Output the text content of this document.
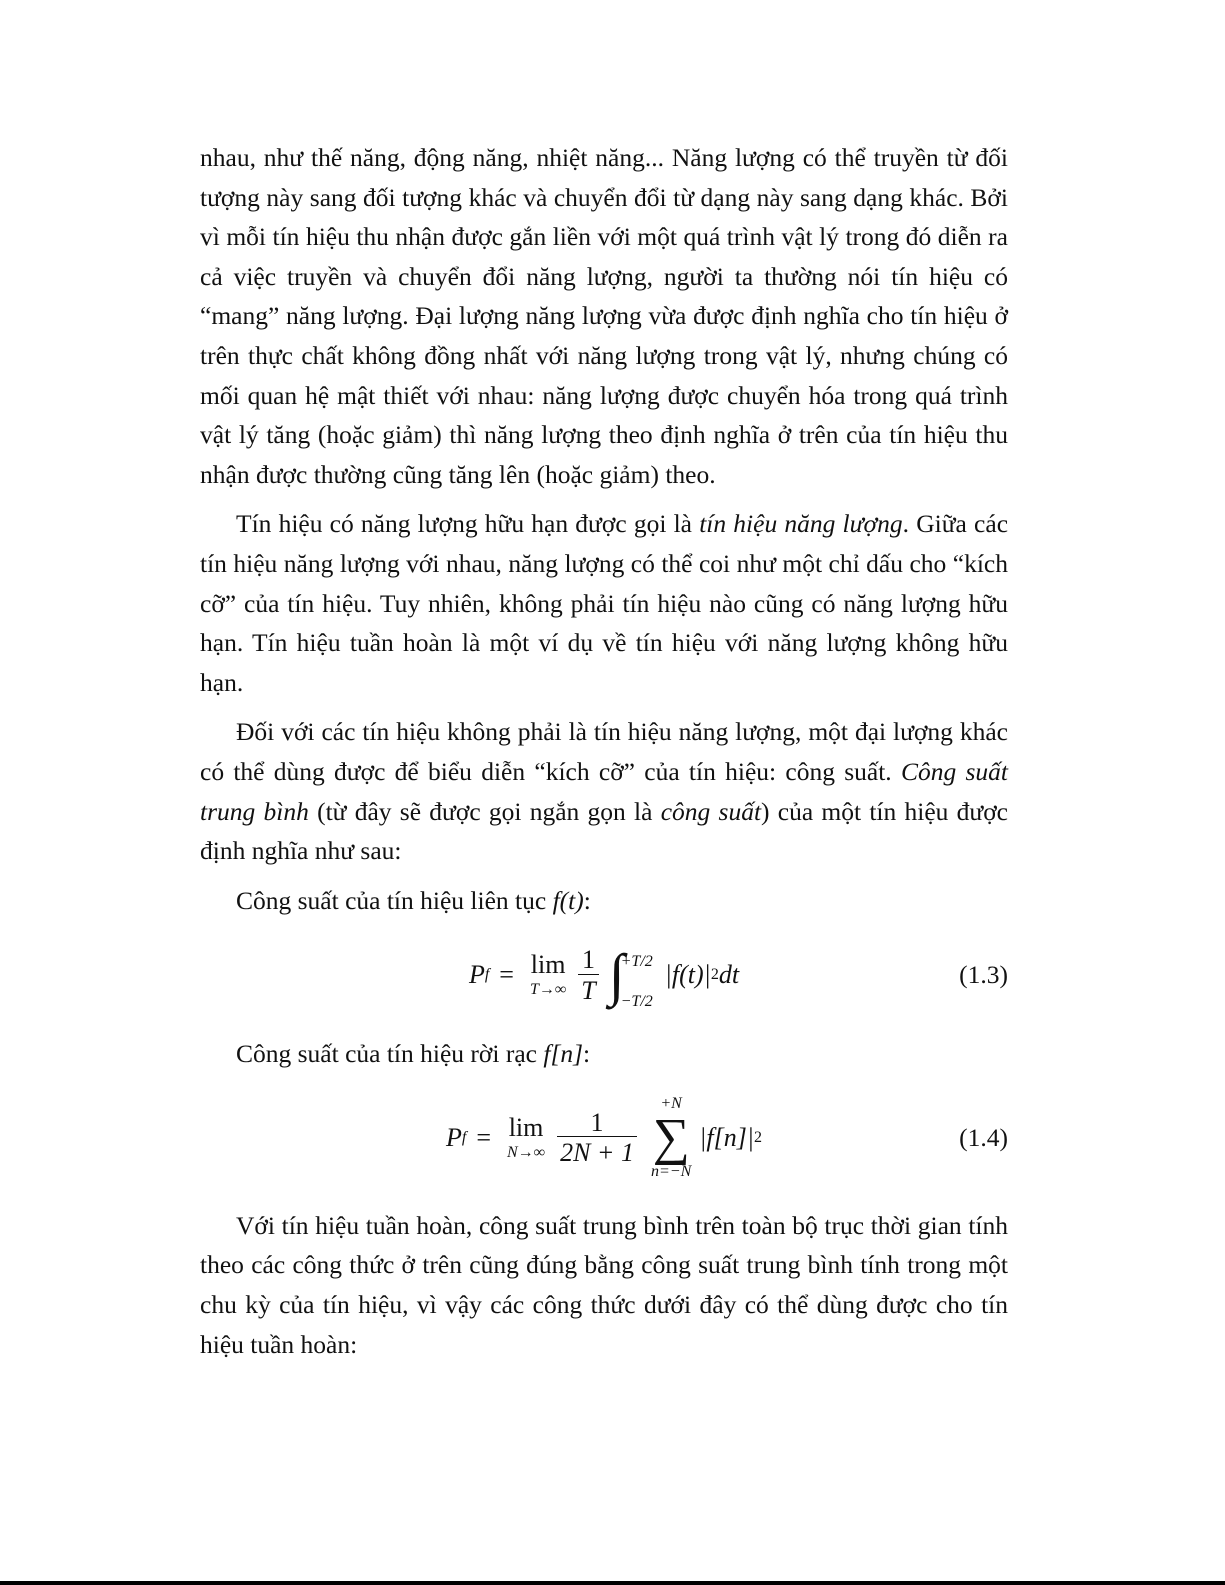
nhau, như thế năng, động năng, nhiệt năng... Năng lượng có thể truyền từ đối tượng này sang đối tượng khác và chuyển đổi từ dạng này sang dạng khác. Bởi vì mỗi tín hiệu thu nhận được gắn liền với một quá trình vật lý trong đó diễn ra cả việc truyền và chuyển đổi năng lượng, người ta thường nói tín hiệu có “mang” năng lượng. Đại lượng năng lượng vừa được định nghĩa cho tín hiệu ở trên thực chất không đồng nhất với năng lượng trong vật lý, nhưng chúng có mối quan hệ mật thiết với nhau: năng lượng được chuyển hóa trong quá trình vật lý tăng (hoặc giảm) thì năng lượng theo định nghĩa ở trên của tín hiệu thu nhận được thường cũng tăng lên (hoặc giảm) theo.

Tín hiệu có năng lượng hữu hạn được gọi là tín hiệu năng lượng. Giữa các tín hiệu năng lượng với nhau, năng lượng có thể coi như một chỉ dấu cho “kích cỡ” của tín hiệu. Tuy nhiên, không phải tín hiệu nào cũng có năng lượng hữu hạn. Tín hiệu tuần hoàn là một ví dụ về tín hiệu với năng lượng không hữu hạn.

Đối với các tín hiệu không phải là tín hiệu năng lượng, một đại lượng khác có thể dùng được để biểu diễn “kích cỡ” của tín hiệu: công suất. Công suất trung bình (từ đây sẽ được gọi ngắn gọn là công suất) của một tín hiệu được định nghĩa như sau:

Công suất của tín hiệu liên tục f(t):

P f = lim
$T\to\infty \frac{1}{T}$ ∫
+T/2
−T/2
|f(t)| 2 dt	(1.3)

Công suất của tín hiệu rời rạc f[n]:

P f = lim
$N\to\infty \frac{1}{2N + 1}$
+N
∑
n=−N
|f[n]| 2	(1.4)

Với tín hiệu tuần hoàn, công suất trung bình trên toàn bộ trục thời gian tính theo các công thức ở trên cũng đúng bằng công suất trung bình tính trong một chu kỳ của tín hiệu, vì vậy các công thức dưới đây có thể dùng được cho tín hiệu tuần hoàn:
